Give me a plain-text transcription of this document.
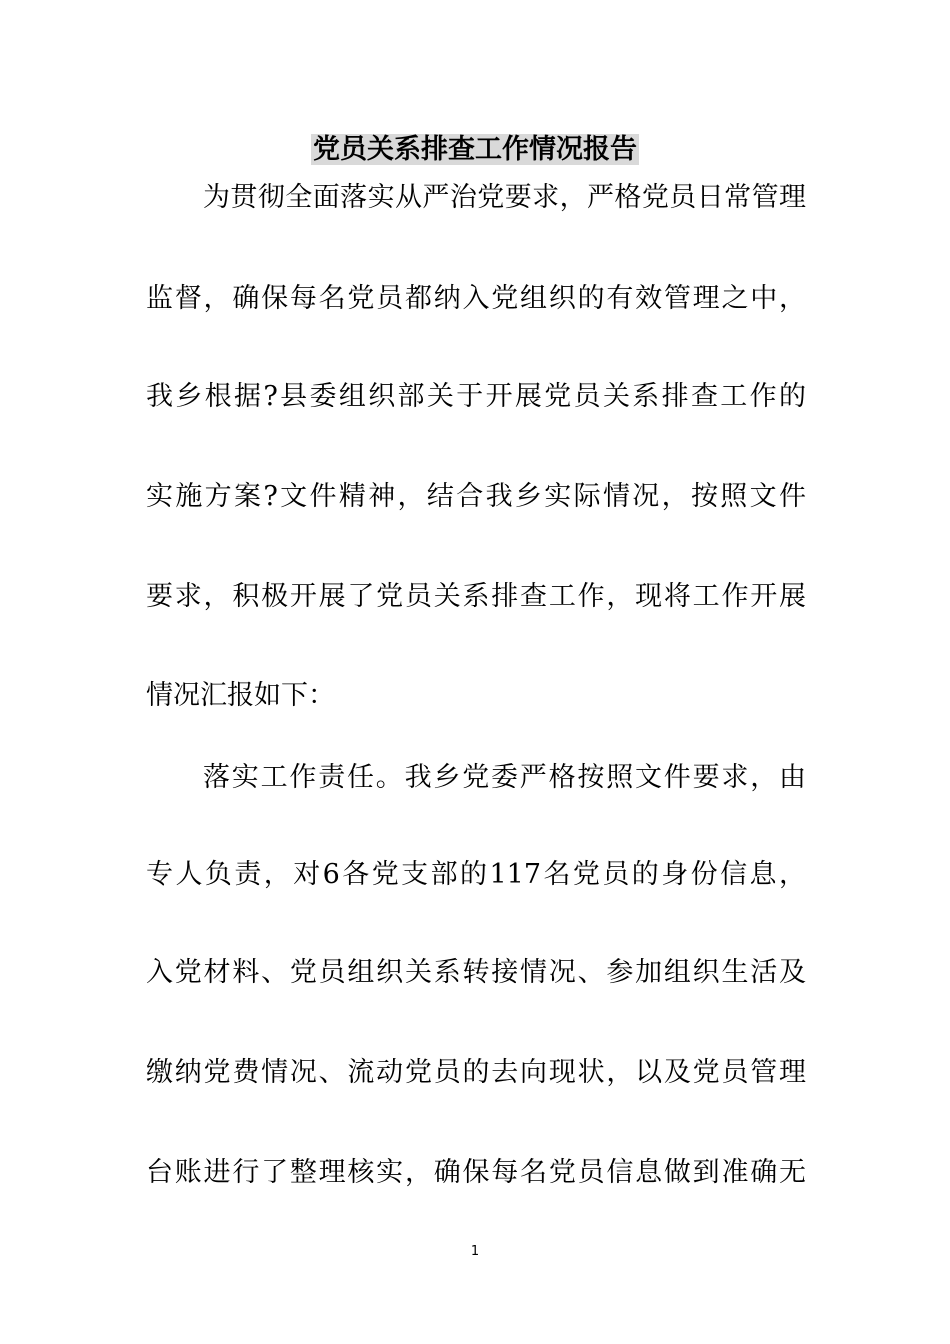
党员关系排查工作情况报告
为贯彻全面落实从严治党要求，严格党员日常管理
监督，确保每名党员都纳入党组织的有效管理之中，
我乡根据?县委组织部关于开展党员关系排查工作的
实施方案?文件精神，结合我乡实际情况，按照文件
要求，积极开展了党员关系排查工作，现将工作开展
情况汇报如下：
落实工作责任。我乡党委严格按照文件要求，由
专人负责，对6各党支部的117名党员的身份信息，
入党材料、党员组织关系转接情况、参加组织生活及
缴纳党费情况、流动党员的去向现状，以及党员管理
台账进行了整理核实，确保每名党员信息做到准确无
1
